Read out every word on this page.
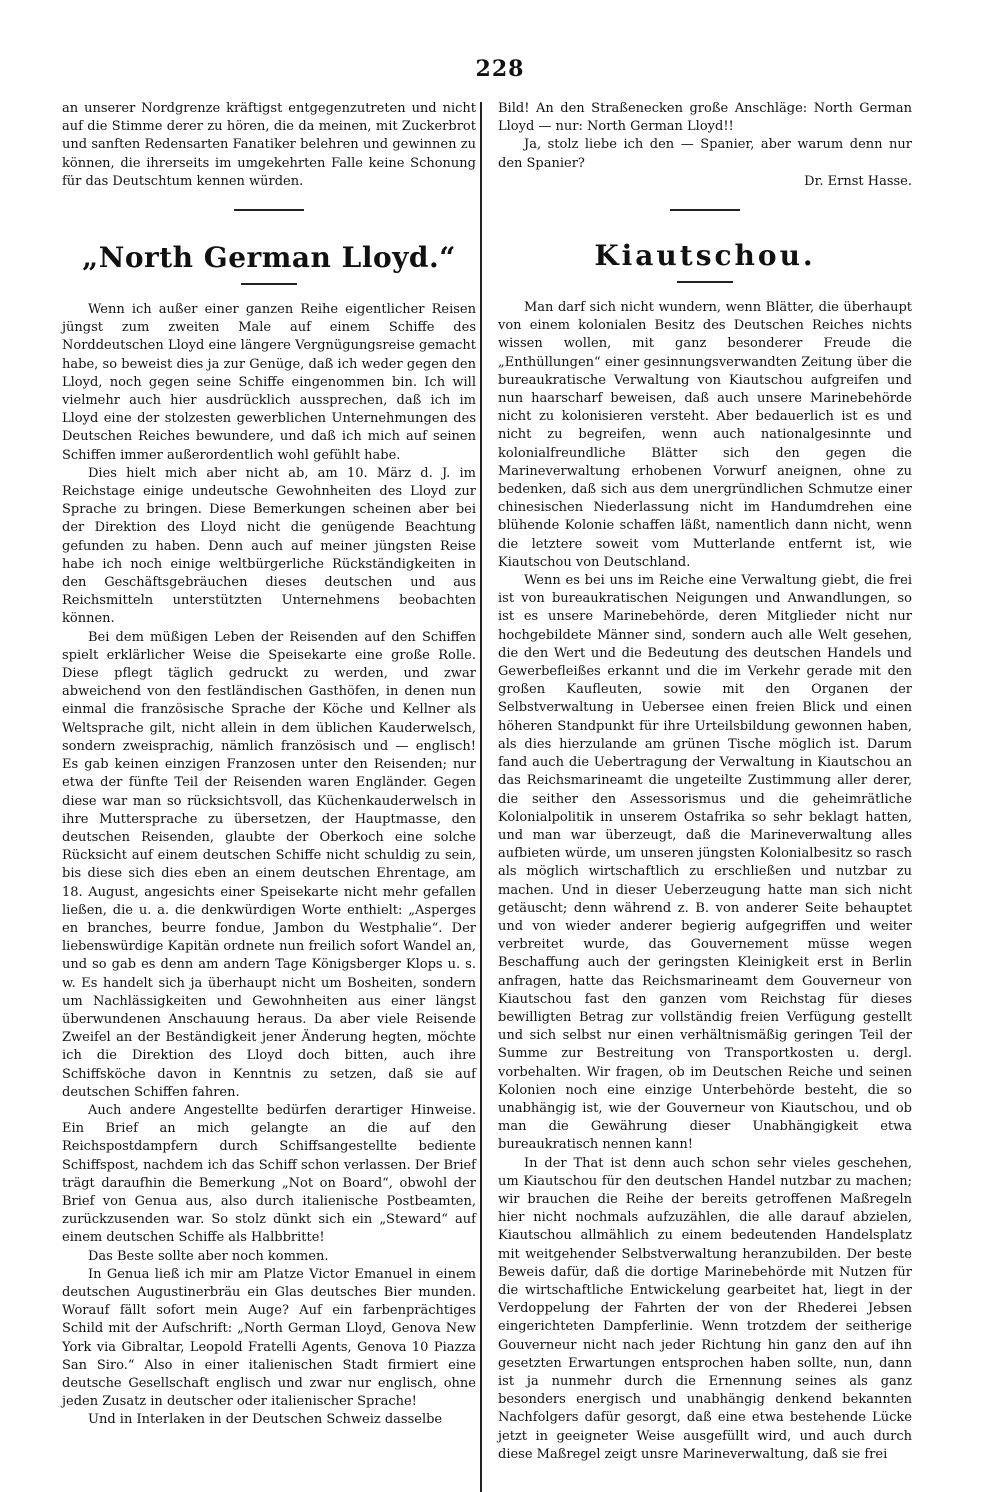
228

an unserer Nordgrenze kräftigst entgegenzutreten und nicht auf die Stimme derer zu hören, die da meinen, mit Zuckerbrot und sanften Redensarten Fanatiker belehren und gewinnen zu können, die ihrerseits im umgekehrten Falle keine Schonung für das Deutschtum kennen würden.

„North German Lloyd.“

Wenn ich außer einer ganzen Reihe eigentlicher Reisen jüngst zum zweiten Male auf einem Schiffe des Norddeutschen Lloyd eine längere Vergnügungsreise gemacht habe, so beweist dies ja zur Genüge, daß ich weder gegen den Lloyd, noch gegen seine Schiffe eingenommen bin. Ich will vielmehr auch hier ausdrücklich aussprechen, daß ich im Lloyd eine der stolzesten gewerblichen Unternehmungen des Deutschen Reiches bewundere, und daß ich mich auf seinen Schiffen immer außerordentlich wohl gefühlt habe.

Dies hielt mich aber nicht ab, am 10. März d. J. im Reichstage einige undeutsche Gewohnheiten des Lloyd zur Sprache zu bringen. Diese Bemerkungen scheinen aber bei der Direktion des Lloyd nicht die genügende Beachtung gefunden zu haben. Denn auch auf meiner jüngsten Reise habe ich noch einige weltbürgerliche Rückständigkeiten in den Geschäftsgebräuchen dieses deutschen und aus Reichsmitteln unterstützten Unternehmens beobachten können.

Bei dem müßigen Leben der Reisenden auf den Schiffen spielt erklärlicher Weise die Speisekarte eine große Rolle. Diese pflegt täglich gedruckt zu werden, und zwar abweichend von den festländischen Gasthöfen, in denen nun einmal die französische Sprache der Köche und Kellner als Weltsprache gilt, nicht allein in dem üblichen Kauderwelsch, sondern zweisprachig, nämlich französisch und — englisch! Es gab keinen einzigen Franzosen unter den Reisenden; nur etwa der fünfte Teil der Reisenden waren Engländer. Gegen diese war man so rücksichtsvoll, das Küchenkauderwelsch in ihre Muttersprache zu übersetzen, der Hauptmasse, den deutschen Reisenden, glaubte der Oberkoch eine solche Rücksicht auf einem deutschen Schiffe nicht schuldig zu sein, bis diese sich dies eben an einem deutschen Ehrentage, am 18. August, angesichts einer Speisekarte nicht mehr gefallen ließen, die u. a. die denkwürdigen Worte enthielt: „Asperges en branches, beurre fondue, Jambon du Westphalie“. Der liebenswürdige Kapitän ordnete nun freilich sofort Wandel an, und so gab es denn am andern Tage Königsberger Klops u. s. w. Es handelt sich ja überhaupt nicht um Bosheiten, sondern um Nachlässigkeiten und Gewohnheiten aus einer längst überwundenen Anschauung heraus. Da aber viele Reisende Zweifel an der Beständigkeit jener Änderung hegten, möchte ich die Direktion des Lloyd doch bitten, auch ihre Schiffsköche davon in Kenntnis zu setzen, daß sie auf deutschen Schiffen fahren.

Auch andere Angestellte bedürfen derartiger Hinweise. Ein Brief an mich gelangte an die auf den Reichspostdampfern durch Schiffsangestellte bediente Schiffspost, nachdem ich das Schiff schon verlassen. Der Brief trägt daraufhin die Bemerkung „Not on Board“, obwohl der Brief von Genua aus, also durch italienische Postbeamten, zurückzusenden war. So stolz dünkt sich ein „Steward“ auf einem deutschen Schiffe als Halbbritte!

Das Beste sollte aber noch kommen.

In Genua ließ ich mir am Platze Victor Emanuel in einem deutschen Augustinerbräu ein Glas deutsches Bier munden. Worauf fällt sofort mein Auge? Auf ein farbenprächtiges Schild mit der Aufschrift: „North German Lloyd, Genova New York via Gibraltar, Leopold Fratelli Agents, Genova 10 Piazza San Siro.“ Also in einer italienischen Stadt firmiert eine deutsche Gesellschaft englisch und zwar nur englisch, ohne jeden Zusatz in deutscher oder italienischer Sprache!

Und in Interlaken in der Deutschen Schweiz dasselbe

Bild! An den Straßenecken große Anschläge: North German Lloyd — nur: North German Lloyd!!

Ja, stolz liebe ich den — Spanier, aber warum denn nur den Spanier?
Dr. Ernst Hasse.

Kiautschou.

Man darf sich nicht wundern, wenn Blätter, die überhaupt von einem kolonialen Besitz des Deutschen Reiches nichts wissen wollen, mit ganz besonderer Freude die „Enthüllungen“ einer gesinnungsverwandten Zeitung über die bureaukratische Verwaltung von Kiautschou aufgreifen und nun haarscharf beweisen, daß auch unsere Marinebehörde nicht zu kolonisieren versteht. Aber bedauerlich ist es und nicht zu begreifen, wenn auch nationalgesinnte und kolonialfreundliche Blätter sich den gegen die Marineverwaltung erhobenen Vorwurf aneignen, ohne zu bedenken, daß sich aus dem unergründlichen Schmutze einer chinesischen Niederlassung nicht im Handumdrehen eine blühende Kolonie schaffen läßt, namentlich dann nicht, wenn die letztere soweit vom Mutterlande entfernt ist, wie Kiautschou von Deutschland.

Wenn es bei uns im Reiche eine Verwaltung giebt, die frei ist von bureaukratischen Neigungen und Anwandlungen, so ist es unsere Marinebehörde, deren Mitglieder nicht nur hochgebildete Männer sind, sondern auch alle Welt gesehen, die den Wert und die Bedeutung des deutschen Handels und Gewerbefleißes erkannt und die im Verkehr gerade mit den großen Kaufleuten, sowie mit den Organen der Selbstverwaltung in Uebersee einen freien Blick und einen höheren Standpunkt für ihre Urteilsbildung gewonnen haben, als dies hierzulande am grünen Tische möglich ist. Darum fand auch die Uebertragung der Verwaltung in Kiautschou an das Reichsmarineamt die ungeteilte Zustimmung aller derer, die seither den Assessorismus und die geheimrätliche Kolonialpolitik in unserem Ostafrika so sehr beklagt hatten, und man war überzeugt, daß die Marineverwaltung alles aufbieten würde, um unseren jüngsten Kolonialbesitz so rasch als möglich wirtschaftlich zu erschließen und nutzbar zu machen. Und in dieser Ueberzeugung hatte man sich nicht getäuscht; denn während z. B. von anderer Seite behauptet und von wieder anderer begierig aufgegriffen und weiter verbreitet wurde, das Gouvernement müsse wegen Beschaffung auch der geringsten Kleinigkeit erst in Berlin anfragen, hatte das Reichsmarineamt dem Gouverneur von Kiautschou fast den ganzen vom Reichstag für dieses bewilligten Betrag zur vollständig freien Verfügung gestellt und sich selbst nur einen verhältnismäßig geringen Teil der Summe zur Bestreitung von Transportkosten u. dergl. vorbehalten. Wir fragen, ob im Deutschen Reiche und seinen Kolonien noch eine einzige Unterbehörde besteht, die so unabhängig ist, wie der Gouverneur von Kiautschou, und ob man die Gewährung dieser Unabhängigkeit etwa bureaukratisch nennen kann!

In der That ist denn auch schon sehr vieles geschehen, um Kiautschou für den deutschen Handel nutzbar zu machen; wir brauchen die Reihe der bereits getroffenen Maßregeln hier nicht nochmals aufzuzählen, die alle darauf abzielen, Kiautschou allmählich zu einem bedeutenden Handelsplatz mit weitgehender Selbstverwaltung heranzubilden. Der beste Beweis dafür, daß die dortige Marinebehörde mit Nutzen für die wirtschaftliche Entwickelung gearbeitet hat, liegt in der Verdoppelung der Fahrten der von der Rhederei Jebsen eingerichteten Dampferlinie. Wenn trotzdem der seitherige Gouverneur nicht nach jeder Richtung hin ganz den auf ihn gesetzten Erwartungen entsprochen haben sollte, nun, dann ist ja nunmehr durch die Ernennung seines als ganz besonders energisch und unabhängig denkend bekannten Nachfolgers dafür gesorgt, daß eine etwa bestehende Lücke jetzt in geeigneter Weise ausgefüllt wird, und auch durch diese Maßregel zeigt unsre Marineverwaltung, daß sie frei
